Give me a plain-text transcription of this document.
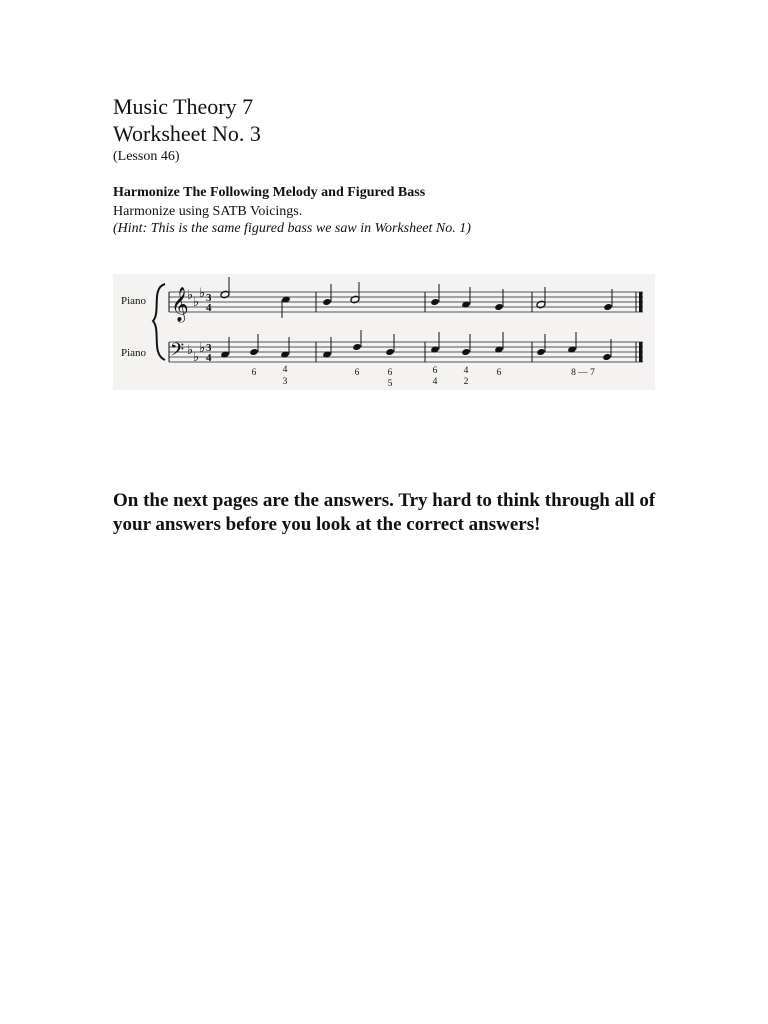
Music Theory 7
Worksheet No. 3
(Lesson 46)
Harmonize The Following Melody and Figured Bass
Harmonize using SATB Voicings.
(Hint: This is the same figured bass we saw in Worksheet No. 1)
Piano
Piano
𝄞
𝄢
♭ ♭
♭
♭ ♭
♭
3
4
3
4
6	4
3
6	6
5
6
4
4
2
6	8 — 7
On the next pages are the answers. Try hard to think through all of your answers before you look at the correct answers!
